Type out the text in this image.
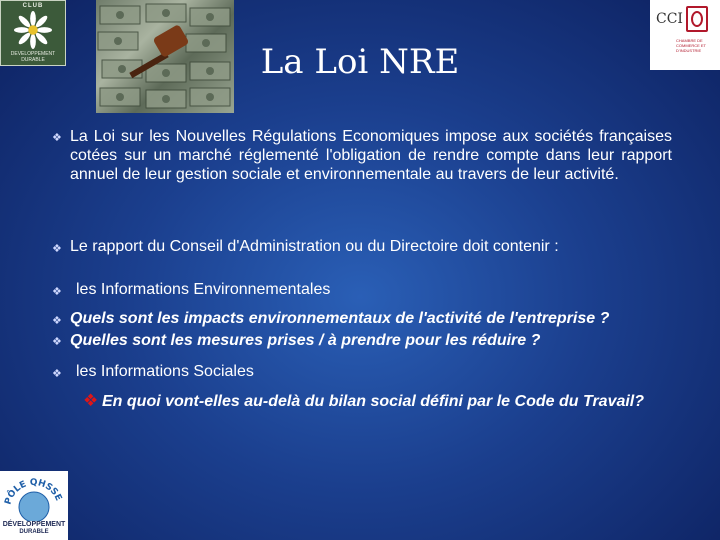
CLUB
DEVELOPPEMENT DURABLE	La Loi NRE
CCI
CHAMBRE DE COMMERCE ET D'INDUSTRIE
❖ La Loi sur les Nouvelles Régulations Economiques impose aux sociétés françaises cotées sur un marché réglementé l'obligation de rendre compte dans leur rapport annuel de leur gestion sociale et environnementale au travers de leur activité.
❖ Le rapport du Conseil d'Administration ou du Directoire doit contenir :
❖ les Informations Environnementales
❖ Quels sont les impacts environnementaux de l'activité de l'entreprise ?
❖ Quelles sont les mesures prises / à prendre pour les réduire ?
❖ les Informations Sociales
❖ En quoi vont-elles au-delà du bilan social défini par le Code du Travail?
PÔLE QHSSE
DÉVELOPPEMENT
DURABLE
